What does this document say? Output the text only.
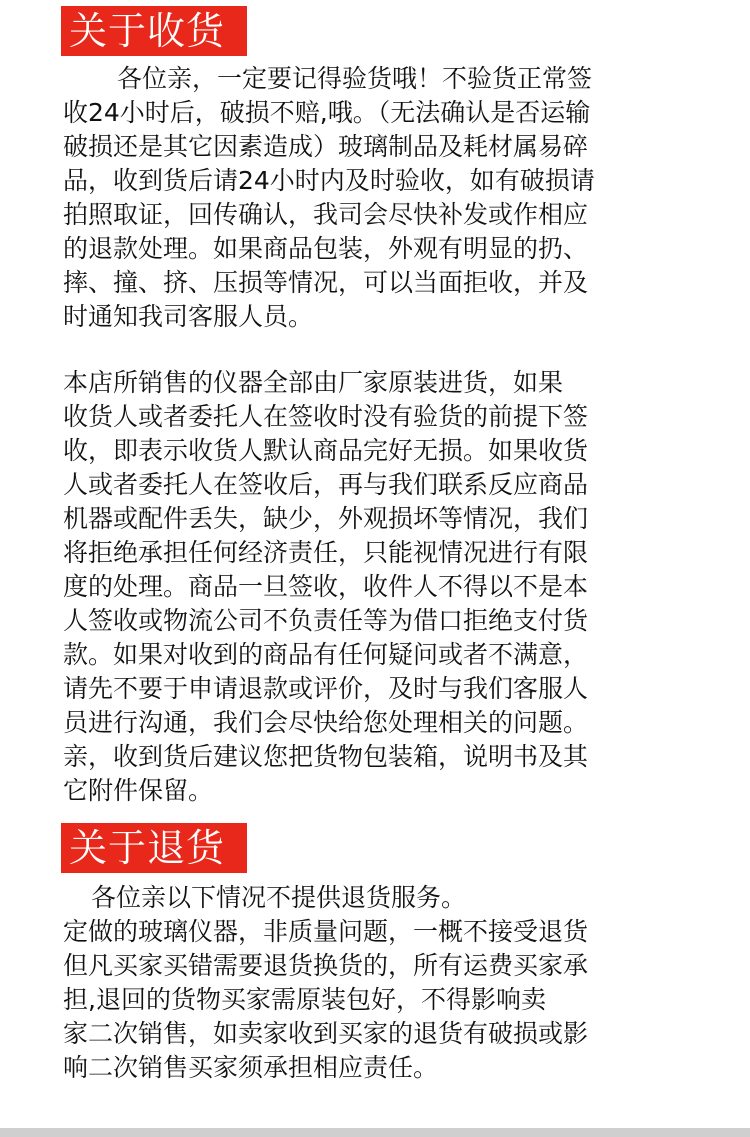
关于收货
各位亲，一定要记得验货哦！不验货正常签
收24小时后，破损不赔,哦。（无法确认是否运输
破损还是其它因素造成）玻璃制品及耗材属易碎
品，收到货后请24小时内及时验收，如有破损请
拍照取证，回传确认，我司会尽快补发或作相应
的退款处理。如果商品包装，外观有明显的扔、
摔、撞、挤、压损等情况，可以当面拒收，并及
时通知我司客服人员。
本店所销售的仪器全部由厂家原装进货，如果
收货人或者委托人在签收时没有验货的前提下签
收，即表示收货人默认商品完好无损。如果收货
人或者委托人在签收后，再与我们联系反应商品
机器或配件丢失，缺少，外观损坏等情况，我们
将拒绝承担任何经济责任，只能视情况进行有限
度的处理。商品一旦签收，收件人不得以不是本
人签收或物流公司不负责任等为借口拒绝支付货
款。如果对收到的商品有任何疑问或者不满意，
请先不要于申请退款或评价，及时与我们客服人
员进行沟通，我们会尽快给您处理相关的问题。
亲，收到货后建议您把货物包装箱，说明书及其
它附件保留。
关于退货
各位亲以下情况不提供退货服务。
定做的玻璃仪器，非质量问题，一概不接受退货
但凡买家买错需要退货换货的，所有运费买家承
担,退回的货物买家需原装包好，不得影响卖
家二次销售，如卖家收到买家的退货有破损或影
响二次销售买家须承担相应责任。
